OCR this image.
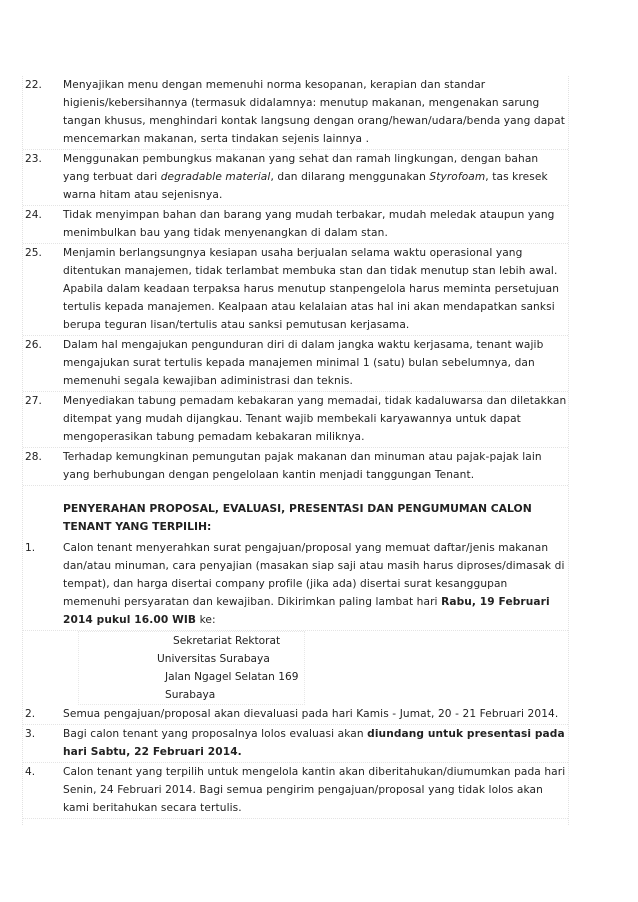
22. Menyajikan menu dengan memenuhi norma kesopanan, kerapian dan standar higienis/kebersihannya (termasuk didalamnya: menutup makanan, mengenakan sarung tangan khusus, menghindari kontak langsung dengan orang/hewan/udara/benda yang dapat mencemarkan makanan, serta tindakan sejenis lainnya .
23. Menggunakan pembungkus makanan yang sehat dan ramah lingkungan, dengan bahan yang terbuat dari degradable material, dan dilarang menggunakan Styrofoam, tas kresek warna hitam atau sejenisnya.
24. Tidak menyimpan bahan dan barang yang mudah terbakar, mudah meledak ataupun yang menimbulkan bau yang tidak menyenangkan di dalam stan.
25. Menjamin berlangsungnya kesiapan usaha berjualan selama waktu operasional yang ditentukan manajemen, tidak terlambat membuka stan dan tidak menutup stan lebih awal. Apabila dalam keadaan terpaksa harus menutup stanpengelola harus meminta persetujuan tertulis kepada manajemen. Kealpaan atau kelalaian atas hal ini akan mendapatkan sanksi berupa teguran lisan/tertulis atau sanksi pemutusan kerjasama.
26. Dalam hal mengajukan pengunduran diri di dalam jangka waktu kerjasama, tenant wajib mengajukan surat tertulis kepada manajemen minimal 1 (satu) bulan sebelumnya, dan memenuhi segala kewajiban adiministrasi dan teknis.
27. Menyediakan tabung pemadam kebakaran yang memadai, tidak kadaluwarsa dan diletakkan ditempat yang mudah dijangkau. Tenant wajib membekali karyawannya untuk dapat mengoperasikan tabung pemadam kebakaran miliknya.
28. Terhadap kemungkinan pemungutan pajak makanan dan minuman atau pajak-pajak lain yang berhubungan dengan pengelolaan kantin menjadi tanggungan Tenant.
PENYERAHAN PROPOSAL, EVALUASI, PRESENTASI DAN PENGUMUMAN CALON TENANT YANG TERPILIH:
1.	Calon tenant menyerahkan surat pengajuan/proposal yang memuat daftar/jenis makanan dan/atau minuman, cara penyajian (masakan siap saji atau masih harus diproses/dimasak di tempat), dan harga disertai company profile (jika ada) disertai surat kesanggupan memenuhi persyaratan dan kewajiban. Dikirimkan paling lambat hari Rabu, 19 Februari 2014 pukul 16.00 WIB ke:
Sekretariat Rektorat
Universitas Surabaya
Jalan Ngagel Selatan 169
Surabaya
2.	Semua pengajuan/proposal akan dievaluasi pada hari Kamis - Jumat, 20 - 21 Februari 2014.
3.	Bagi calon tenant yang proposalnya lolos evaluasi akan diundang untuk presentasi pada hari Sabtu, 22 Februari 2014.
4.	Calon tenant yang terpilih untuk mengelola kantin akan diberitahukan/diumumkan pada hari Senin, 24 Februari 2014. Bagi semua pengirim pengajuan/proposal yang tidak lolos akan kami beritahukan secara tertulis.
